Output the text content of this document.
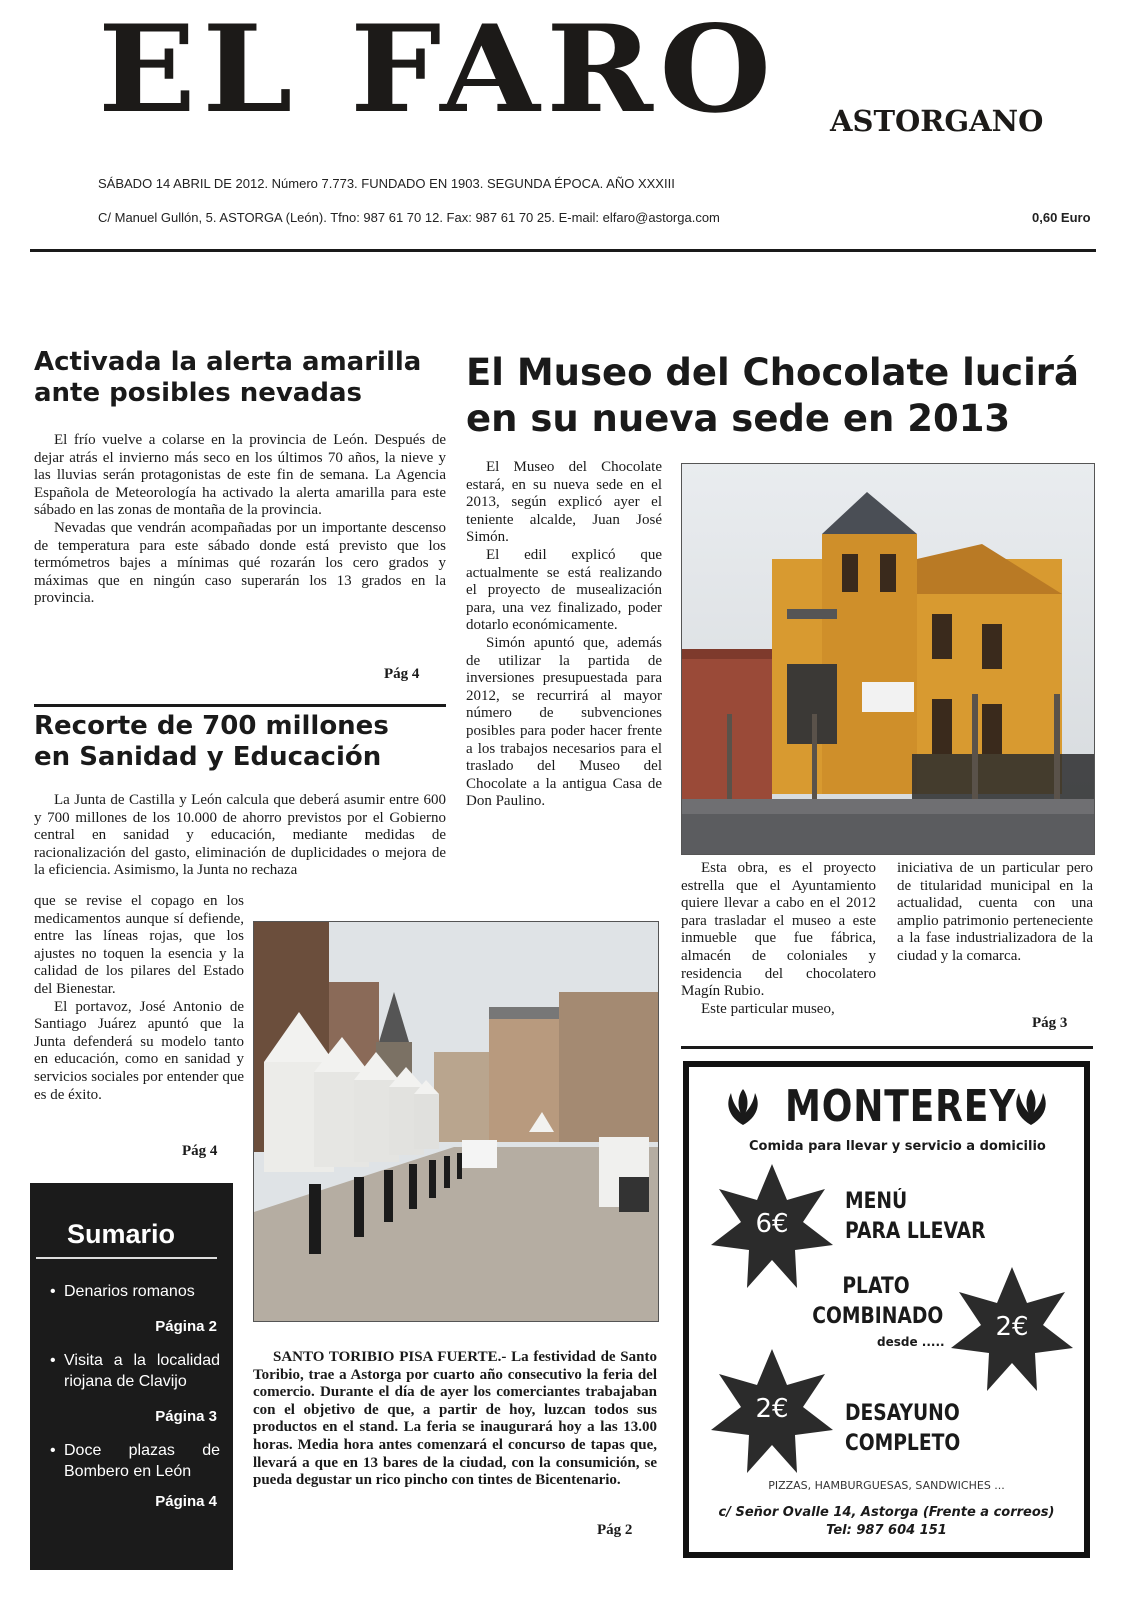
EL FARO ASTORGANO
SÁBADO 14 ABRIL DE 2012. Número 7.773. FUNDADO EN 1903. SEGUNDA ÉPOCA. AÑO XXXIII
C/ Manuel Gullón, 5. ASTORGA (León). Tfno: 987 61 70 12. Fax: 987 61 70 25. E-mail: elfaro@astorga.com	0,60 Euro
Activada la alerta amarilla
ante posibles nevadas

El frío vuelve a colarse en la provincia de León. Después de dejar atrás el invierno más seco en los últimos 70 años, la nieve y las lluvias serán protagonistas de este fin de semana. La Agencia Española de Meteorología ha activado la alerta amarilla para este sábado en las zonas de montaña de la provincia.

Nevadas que vendrán acompañadas por un importante descenso de temperatura para este sábado donde está previsto que los termómetros bajes a mínimas qué rozarán los cero grados y máximas que en ningún caso superarán los 13 grados en la provincia.

Pág 4
Recorte de 700 millones
en Sanidad y Educación

La Junta de Castilla y León calcula que deberá asumir entre 600 y 700 millones de los 10.000 de ahorro previstos por el Gobierno central en sanidad y educación, mediante medidas de racionalización del gasto, eliminación de duplicidades o mejora de la eficiencia. Asimismo, la Junta no rechaza

que se revise el copago en los medicamentos aunque sí defiende, entre las líneas rojas, que los ajustes no toquen la esencia y la calidad de los pilares del Estado del Bienestar.

El portavoz, José Antonio de Santiago Juárez apuntó que la Junta defenderá su modelo tanto en educación, como en sanidad y servicios sociales por entender que es de éxito.

Pág 4
El Museo del Chocolate lucirá
en su nueva sede en 2013

El Museo del Chocolate estará, en su nueva sede en el 2013, según explicó ayer el teniente alcalde, Juan José Simón.

El edil explicó que actualmente se está realizando el proyecto de musealización para, una vez finalizado, poder dotarlo económicamente.

Simón apuntó que, además de utilizar la partida de inversiones presupuestada para 2012, se recurrirá al mayor número de subvenciones posibles para poder hacer frente a los trabajos necesarios para el traslado del Museo del Chocolate a la antigua Casa de Don Paulino.

Esta obra, es el proyecto estrella que el Ayuntamiento quiere llevar a cabo en el 2012 para trasladar el museo a este inmueble que fue fábrica, almacén de coloniales y residencia del chocolatero Magín Rubio.

Este particular museo,

iniciativa de un particular pero de titularidad municipal en la actualidad, cuenta con una amplio patrimonio perteneciente a la fase industrializadora de la ciudad y la comarca.

Pág 3

SANTO TORIBIO PISA FUERTE.- La festividad de Santo Toribio, trae a Astorga por cuarto año consecutivo la feria del comercio. Durante el día de ayer los comerciantes trabajaban con el objetivo de que, a partir de hoy, luzcan todos sus productos en el stand. La feria se inaugurará hoy a las 13.00 horas. Media hora antes comenzará el concurso de tapas que, llevará a que en 13 bares de la ciudad, con la consumición, se pueda degustar un rico pincho con tintes de Bicentenario.

Pág 2
Sumario
• Denarios romanos
Página 2
• Visita a la localidad riojana de Clavijo
Página 3
• Doce plazas de Bombero en León
Página 4
MONTEREY
Comida para llevar y servicio a domicilio
6€
MENÚ
PARA LLEVAR
PLATO
COMBINADO
desde .....	2€
2€	DESAYUNO
COMPLETO
PIZZAS, HAMBURGUESAS, SANDWICHES ...
c/ Señor Ovalle 14, Astorga (Frente a correos)
Tel: 987 604 151
